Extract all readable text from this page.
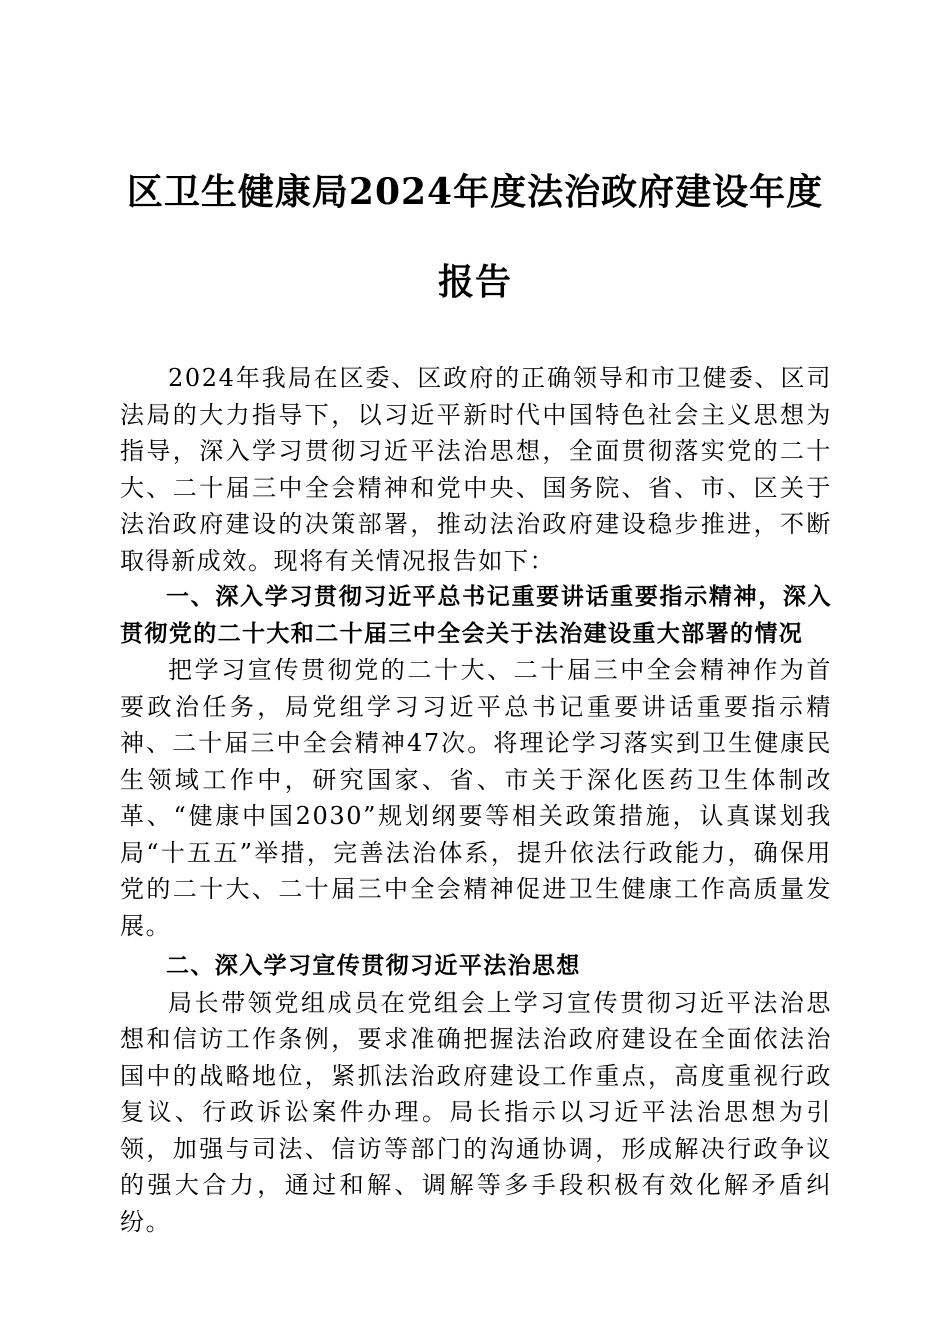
区卫生健康局2024年度法治政府建设年度报告

2024年我局在区委、区政府的正确领导和市卫健委、区司法局的大力指导下，以习近平新时代中国特色社会主义思想为指导，深入学习贯彻习近平法治思想，全面贯彻落实党的二十大、二十届三中全会精神和党中央、国务院、省、市、区关于法治政府建设的决策部署，推动法治政府建设稳步推进，不断取得新成效。现将有关情况报告如下：

一、深入学习贯彻习近平总书记重要讲话重要指示精神，深入贯彻党的二十大和二十届三中全会关于法治建设重大部署的情况

把学习宣传贯彻党的二十大、二十届三中全会精神作为首要政治任务，局党组学习习近平总书记重要讲话重要指示精神、二十届三中全会精神47次。将理论学习落实到卫生健康民生领域工作中，研究国家、省、市关于深化医药卫生体制改革、“健康中国2030”规划纲要等相关政策措施，认真谋划我局“十五五”举措，完善法治体系，提升依法行政能力，确保用党的二十大、二十届三中全会精神促进卫生健康工作高质量发展。

二、深入学习宣传贯彻习近平法治思想

局长带领党组成员在党组会上学习宣传贯彻习近平法治思想和信访工作条例，要求准确把握法治政府建设在全面依法治国中的战略地位，紧抓法治政府建设工作重点，高度重视行政复议、行政诉讼案件办理。局长指示以习近平法治思想为引领，加强与司法、信访等部门的沟通协调，形成解决行政争议的强大合力，通过和解、调解等多手段积极有效化解矛盾纠纷。
